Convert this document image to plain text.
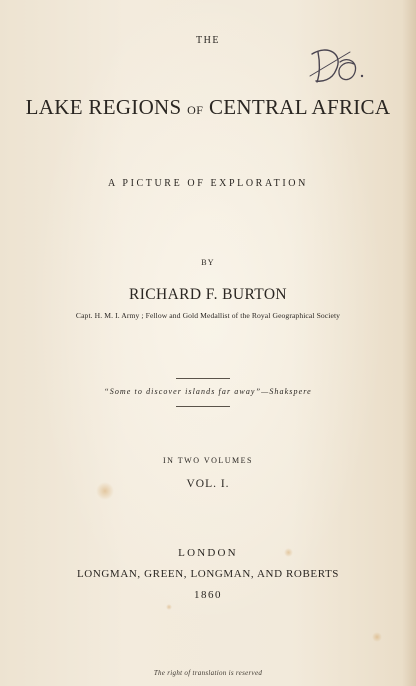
THE
LAKE REGIONS OF CENTRAL AFRICA
A PICTURE OF EXPLORATION
BY
RICHARD F. BURTON
Capt. H. M. I. Army ; Fellow and Gold Medallist of the Royal Geographical Society
“Some to discover islands far away”—Shakspere
IN TWO VOLUMES
VOL. I.
LONDON
LONGMAN, GREEN, LONGMAN, AND ROBERTS
1860
The right of translation is reserved
